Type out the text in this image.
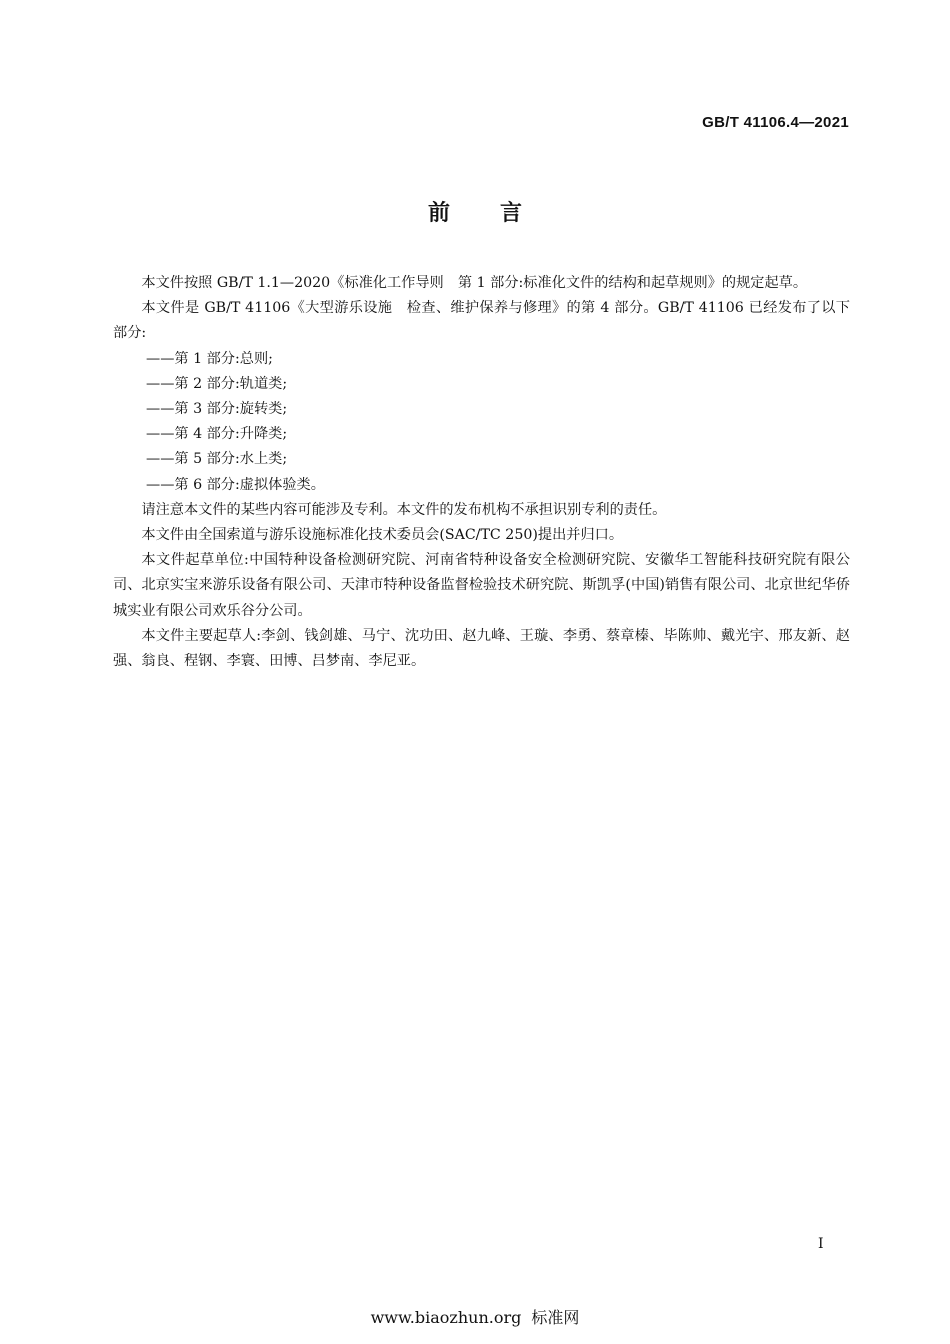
GB/T 41106.4—2021
前 言

本文件按照 GB/T 1.1—2020《标准化工作导则　第 1 部分:标准化文件的结构和起草规则》的规定起草。

本文件是 GB/T 41106《大型游乐设施　检查、维护保养与修理》的第 4 部分。GB/T 41106 已经发布了以下部分:

——第 1 部分:总则;

——第 2 部分:轨道类;

——第 3 部分:旋转类;

——第 4 部分:升降类;

——第 5 部分:水上类;

——第 6 部分:虚拟体验类。

请注意本文件的某些内容可能涉及专利。本文件的发布机构不承担识别专利的责任。

本文件由全国索道与游乐设施标准化技术委员会(SAC/TC 250)提出并归口。

本文件起草单位:中国特种设备检测研究院、河南省特种设备安全检测研究院、安徽华工智能科技研究院有限公司、北京实宝来游乐设备有限公司、天津市特种设备监督检验技术研究院、斯凯孚(中国)销售有限公司、北京世纪华侨城实业有限公司欢乐谷分公司。

本文件主要起草人:李剑、钱剑雄、马宁、沈功田、赵九峰、王璇、李勇、蔡章榛、毕陈帅、戴光宇、邢友新、赵强、翁良、程钢、李寰、田博、吕梦南、李尼亚。

I
www.biaozhun.org 标准网
